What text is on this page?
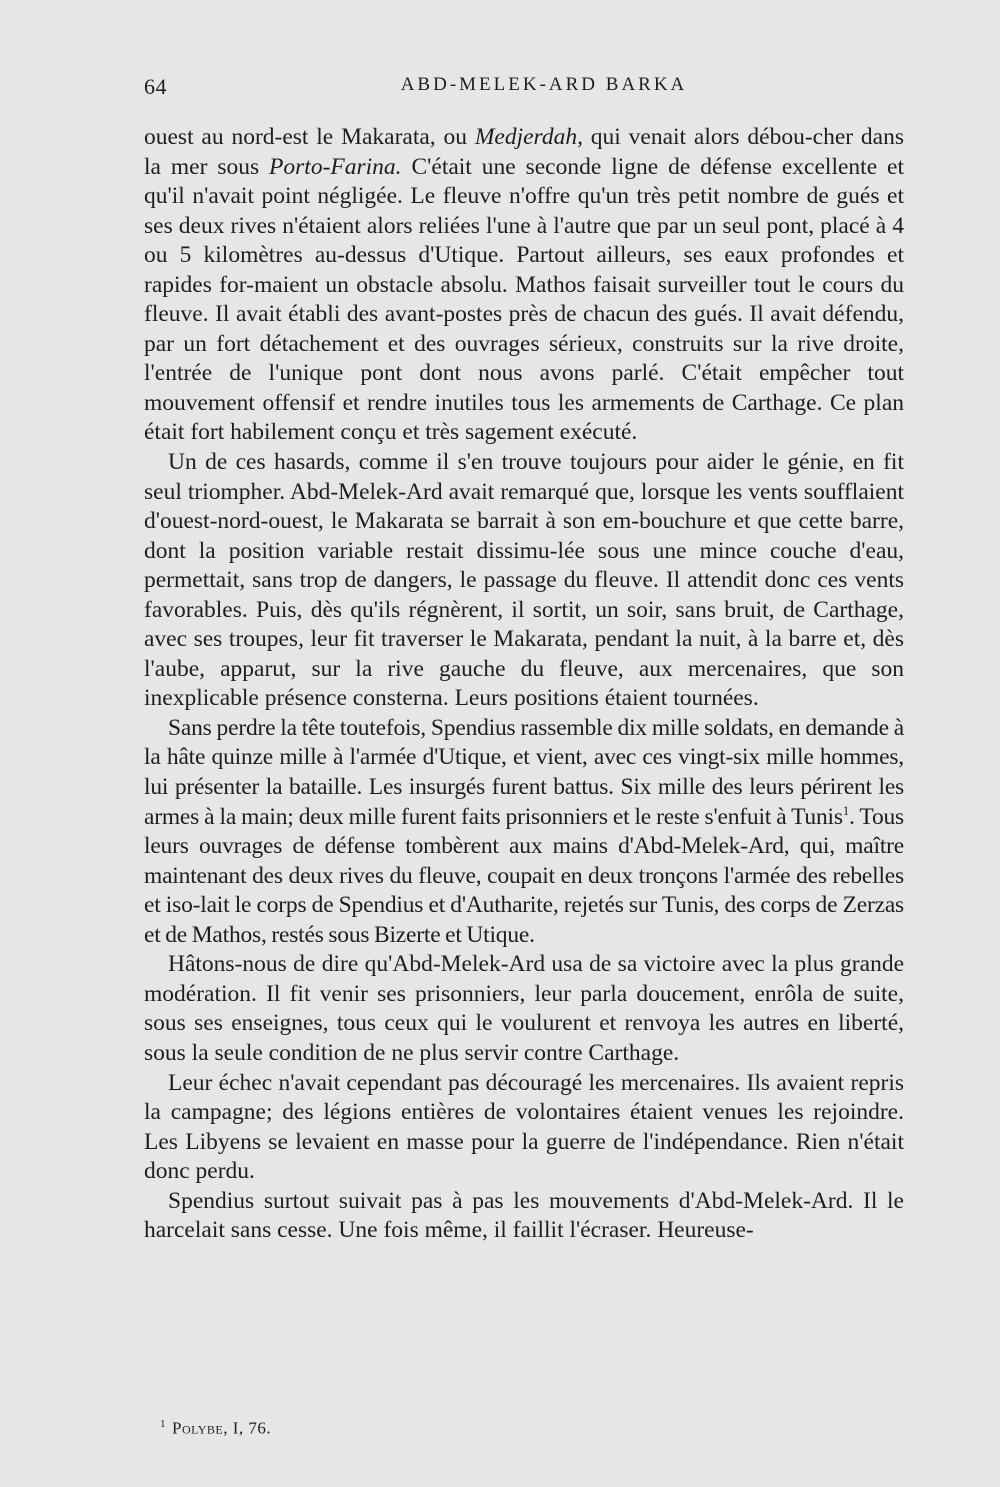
64	ABD-MELEK-ARD BARKA

ouest au nord-est le Makarata, ou Medjerdah, qui venait alors débou-cher dans la mer sous Porto-Farina. C'était une seconde ligne de défense excellente et qu'il n'avait point négligée. Le fleuve n'offre qu'un très petit nombre de gués et ses deux rives n'étaient alors reliées l'une à l'autre que par un seul pont, placé à 4 ou 5 kilomètres au-dessus d'Utique. Partout ailleurs, ses eaux profondes et rapides for-maient un obstacle absolu. Mathos faisait surveiller tout le cours du fleuve. Il avait établi des avant-postes près de chacun des gués. Il avait défendu, par un fort détachement et des ouvrages sérieux, construits sur la rive droite, l'entrée de l'unique pont dont nous avons parlé. C'était empêcher tout mouvement offensif et rendre inutiles tous les armements de Carthage. Ce plan était fort habilement conçu et très sagement exécuté.

Un de ces hasards, comme il s'en trouve toujours pour aider le génie, en fit seul triompher. Abd-Melek-Ard avait remarqué que, lorsque les vents soufflaient d'ouest-nord-ouest, le Makarata se barrait à son em-bouchure et que cette barre, dont la position variable restait dissimu-lée sous une mince couche d'eau, permettait, sans trop de dangers, le passage du fleuve. Il attendit donc ces vents favorables. Puis, dès qu'ils régnèrent, il sortit, un soir, sans bruit, de Carthage, avec ses troupes, leur fit traverser le Makarata, pendant la nuit, à la barre et, dès l'aube, apparut, sur la rive gauche du fleuve, aux mercenaires, que son inexplicable présence consterna. Leurs positions étaient tournées.

Sans perdre la tête toutefois, Spendius rassemble dix mille soldats, en demande à la hâte quinze mille à l'armée d'Utique, et vient, avec ces vingt-six mille hommes, lui présenter la bataille. Les insurgés furent battus. Six mille des leurs périrent les armes à la main; deux mille furent faits prisonniers et le reste s'enfuit à Tunis$^1$. Tous leurs ouvrages de défense tombèrent aux mains d'Abd-Melek-Ard, qui, maître maintenant des deux rives du fleuve, coupait en deux tronçons l'armée des rebelles et iso-lait le corps de Spendius et d'Autharite, rejetés sur Tunis, des corps de Zerzas et de Mathos, restés sous Bizerte et Utique.

Hâtons-nous de dire qu'Abd-Melek-Ard usa de sa victoire avec la plus grande modération. Il fit venir ses prisonniers, leur parla doucement, enrôla de suite, sous ses enseignes, tous ceux qui le voulurent et renvoya les autres en liberté, sous la seule condition de ne plus servir contre Carthage.

Leur échec n'avait cependant pas découragé les mercenaires. Ils avaient repris la campagne; des légions entières de volontaires étaient venues les rejoindre. Les Libyens se levaient en masse pour la guerre de l'indépendance. Rien n'était donc perdu.

Spendius surtout suivait pas à pas les mouvements d'Abd-Melek-Ard. Il le harcelait sans cesse. Une fois même, il faillit l'écraser. Heureuse-

$^1$ Polybe, I, 76.
